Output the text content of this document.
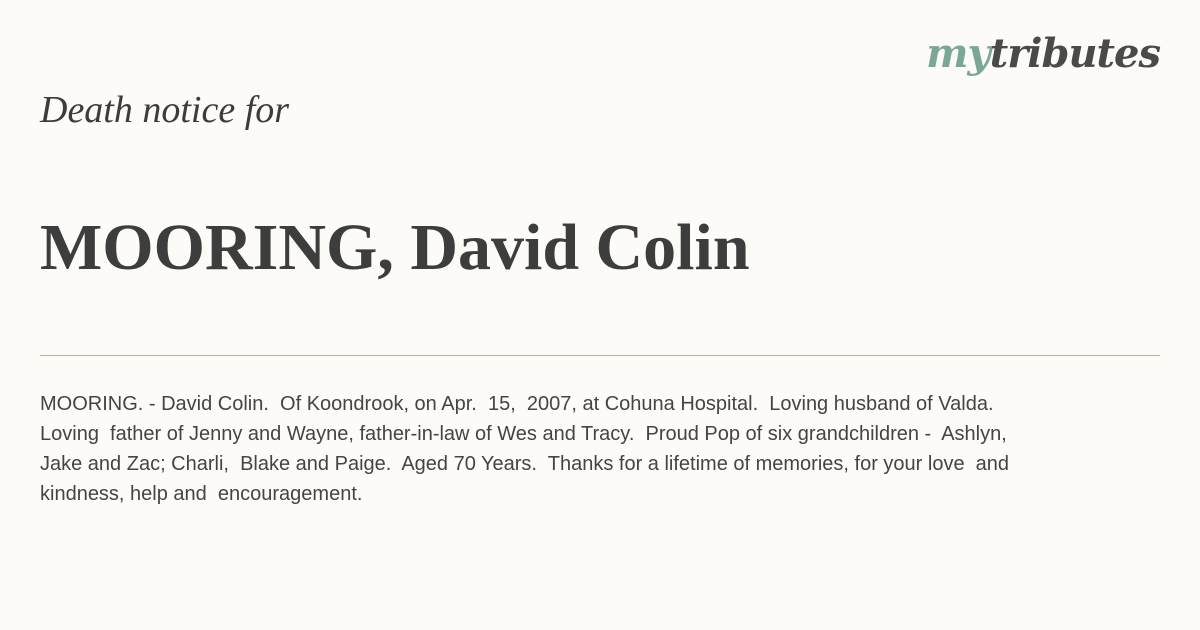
mytributes
Death notice for
MOORING, David Colin
MOORING. - David Colin.  Of Koondrook, on Apr.  15,  2007, at Cohuna Hospital.  Loving husband of Valda.
Loving  father of Jenny and Wayne, father-in-law of Wes and Tracy.  Proud Pop of six grandchildren -  Ashlyn,
Jake and Zac; Charli,  Blake and Paige.  Aged 70 Years.  Thanks for a lifetime of memories, for your love  and
kindness, help and  encouragement.
